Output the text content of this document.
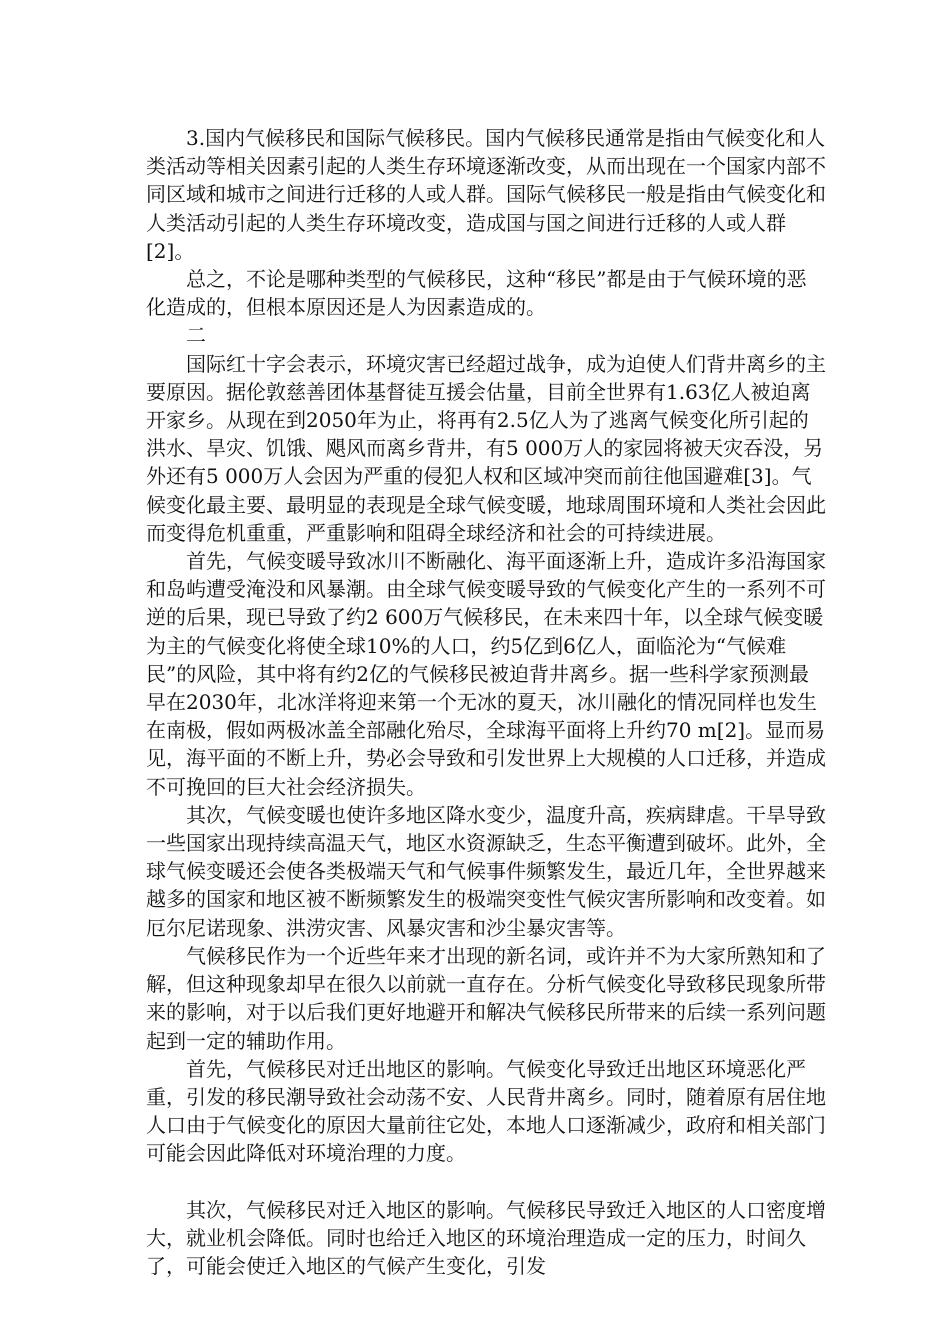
3.国内气候移民和国际气候移民。国内气候移民通常是指由气候变化和人类活动等相关因素引起的人类生存环境逐渐改变，从而出现在一个国家内部不同区域和城市之间进行迁移的人或人群。国际气候移民一般是指由气候变化和人类活动引起的人类生存环境改变，造成国与国之间进行迁移的人或人群[2]。

总之，不论是哪种类型的气候移民，这种“移民”都是由于气候环境的恶化造成的，但根本原因还是人为因素造成的。

二

国际红十字会表示，环境灾害已经超过战争，成为迫使人们背井离乡的主要原因。据伦敦慈善团体基督徒互援会估量，目前全世界有1.63亿人被迫离开家乡。从现在到2050年为止，将再有2.5亿人为了逃离气候变化所引起的洪水、旱灾、饥饿、飓风而离乡背井，有5 000万人的家园将被天灾吞没，另外还有5 000万人会因为严重的侵犯人权和区域冲突而前往他国避难[3]。气候变化最主要、最明显的表现是全球气候变暖，地球周围环境和人类社会因此而变得危机重重，严重影响和阻碍全球经济和社会的可持续进展。

首先，气候变暖导致冰川不断融化、海平面逐渐上升，造成许多沿海国家和岛屿遭受淹没和风暴潮。由全球气候变暖导致的气候变化产生的一系列不可逆的后果，现已导致了约2 600万气候移民，在未来四十年，以全球气候变暖为主的气候变化将使全球10%的人口，约5亿到6亿人，面临沦为“气候难民”的风险，其中将有约2亿的气候移民被迫背井离乡。据一些科学家预测最早在2030年，北冰洋将迎来第一个无冰的夏天，冰川融化的情况同样也发生在南极，假如两极冰盖全部融化殆尽，全球海平面将上升约70 m[2]。显而易见，海平面的不断上升，势必会导致和引发世界上大规模的人口迁移，并造成不可挽回的巨大社会经济损失。

其次，气候变暖也使许多地区降水变少，温度升高，疾病肆虐。干旱导致一些国家出现持续高温天气，地区水资源缺乏，生态平衡遭到破坏。此外，全球气候变暖还会使各类极端天气和气候事件频繁发生，最近几年，全世界越来越多的国家和地区被不断频繁发生的极端突变性气候灾害所影响和改变着。如厄尔尼诺现象、洪涝灾害、风暴灾害和沙尘暴灾害等。

气候移民作为一个近些年来才出现的新名词，或许并不为大家所熟知和了解，但这种现象却早在很久以前就一直存在。分析气候变化导致移民现象所带来的影响，对于以后我们更好地避开和解决气候移民所带来的后续一系列问题起到一定的辅助作用。

首先，气候移民对迁出地区的影响。气候变化导致迁出地区环境恶化严重，引发的移民潮导致社会动荡不安、人民背井离乡。同时，随着原有居住地人口由于气候变化的原因大量前往它处，本地人口逐渐减少，政府和相关部门可能会因此降低对环境治理的力度。

其次，气候移民对迁入地区的影响。气候移民导致迁入地区的人口密度增大，就业机会降低。同时也给迁入地区的环境治理造成一定的压力，时间久了，可能会使迁入地区的气候产生变化，引发
